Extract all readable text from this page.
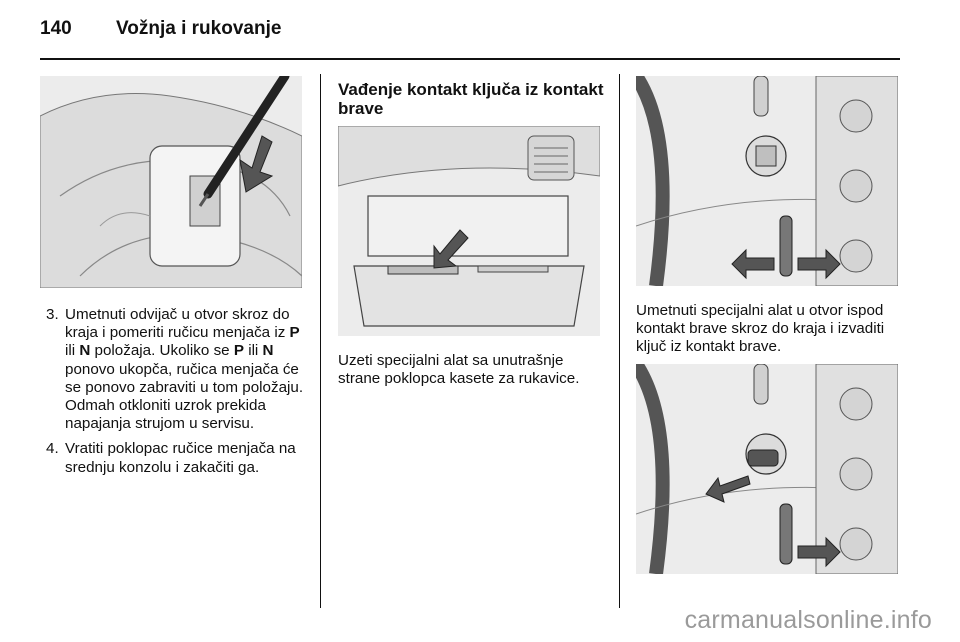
140 Vožnja i rukovanje
3. Umetnuti odvijač u otvor skroz do kraja i pomeriti ručicu menjača iz P ili N položaja. Ukoliko se P ili N ponovo ukopča, ručica menjača će se ponovo zabraviti u tom položaju. Odmah otkloniti uzrok prekida napajanja strujom u servisu.
4. Vratiti poklopac ručice menjača na srednju konzolu i zakačiti ga.
Vađenje kontakt ključa iz kontakt brave
Uzeti specijalni alat sa unutrašnje strane poklopca kasete za rukavice.
Umetnuti specijalni alat u otvor ispod kontakt brave skroz do kraja i izvaditi ključ iz kontakt brave.
carmanualsonline.info
